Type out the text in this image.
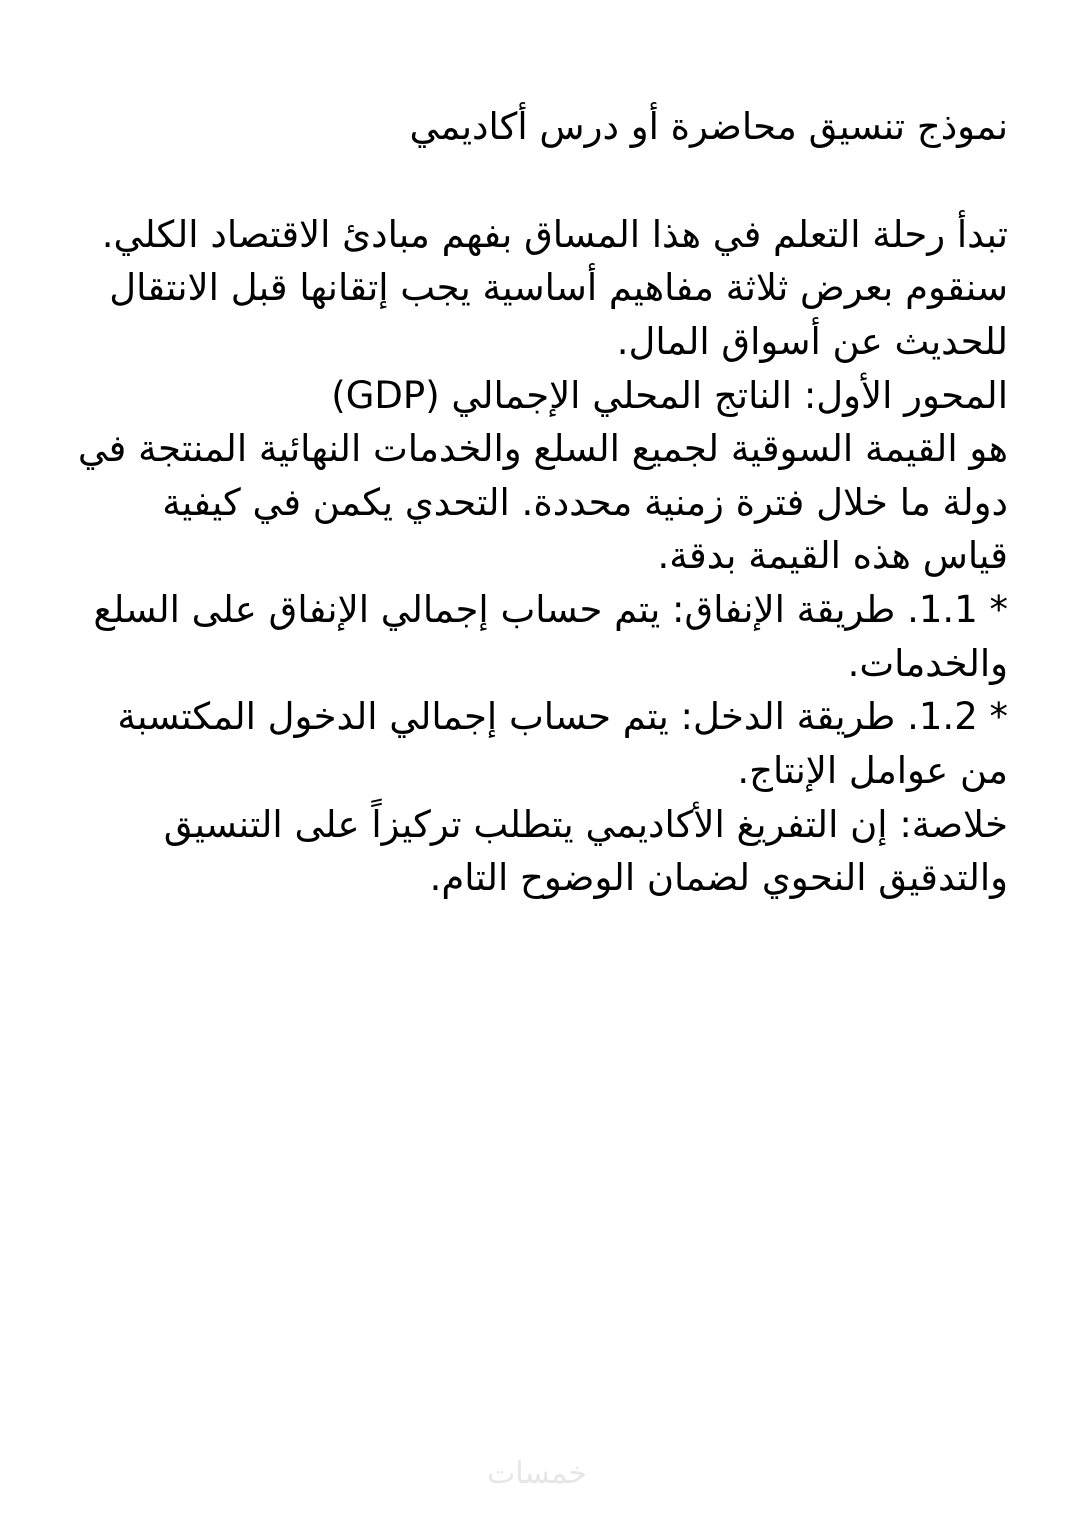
نموذج تنسيق محاضرة أو درس أكاديمي

تبدأ رحلة التعلم في هذا المساق بفهم مبادئ الاقتصاد الكلي.

سنقوم بعرض ثلاثة مفاهيم أساسية يجب إتقانها قبل الانتقال للحديث عن أسواق المال.

المحور الأول: الناتج المحلي الإجمالي (GDP)

هو القيمة السوقية لجميع السلع والخدمات النهائية المنتجة في دولة ما خلال فترة زمنية محددة. التحدي يكمن في كيفية قياس هذه القيمة بدقة.

* 1.1. طريقة الإنفاق: يتم حساب إجمالي الإنفاق على السلع والخدمات.

* 1.2. طريقة الدخل: يتم حساب إجمالي الدخول المكتسبة من عوامل الإنتاج.

خلاصة: إن التفريغ الأكاديمي يتطلب تركيزاً على التنسيق والتدقيق النحوي لضمان الوضوح التام.

خمسات
